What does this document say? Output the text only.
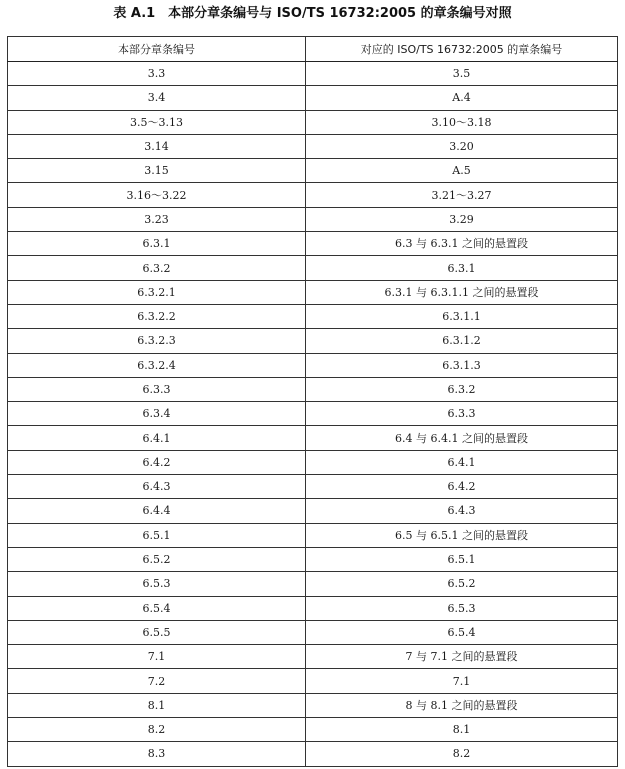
表 A.1　本部分章条编号与 ISO/TS 16732:2005 的章条编号对照
本部分章条编号	对应的 ISO/TS 16732:2005 的章条编号
3.3	3.5
3.4	A.4
3.5～3.13	3.10～3.18
3.14	3.20
3.15	A.5
3.16～3.22	3.21～3.27
3.23	3.29
6.3.1	6.3 与 6.3.1 之间的悬置段
6.3.2	6.3.1
6.3.2.1	6.3.1 与 6.3.1.1 之间的悬置段
6.3.2.2	6.3.1.1
6.3.2.3	6.3.1.2
6.3.2.4	6.3.1.3
6.3.3	6.3.2
6.3.4	6.3.3
6.4.1	6.4 与 6.4.1 之间的悬置段
6.4.2	6.4.1
6.4.3	6.4.2
6.4.4	6.4.3
6.5.1	6.5 与 6.5.1 之间的悬置段
6.5.2	6.5.1
6.5.3	6.5.2
6.5.4	6.5.3
6.5.5	6.5.4
7.1	7 与 7.1 之间的悬置段
7.2	7.1
8.1	8 与 8.1 之间的悬置段
8.2	8.1
8.3	8.2
